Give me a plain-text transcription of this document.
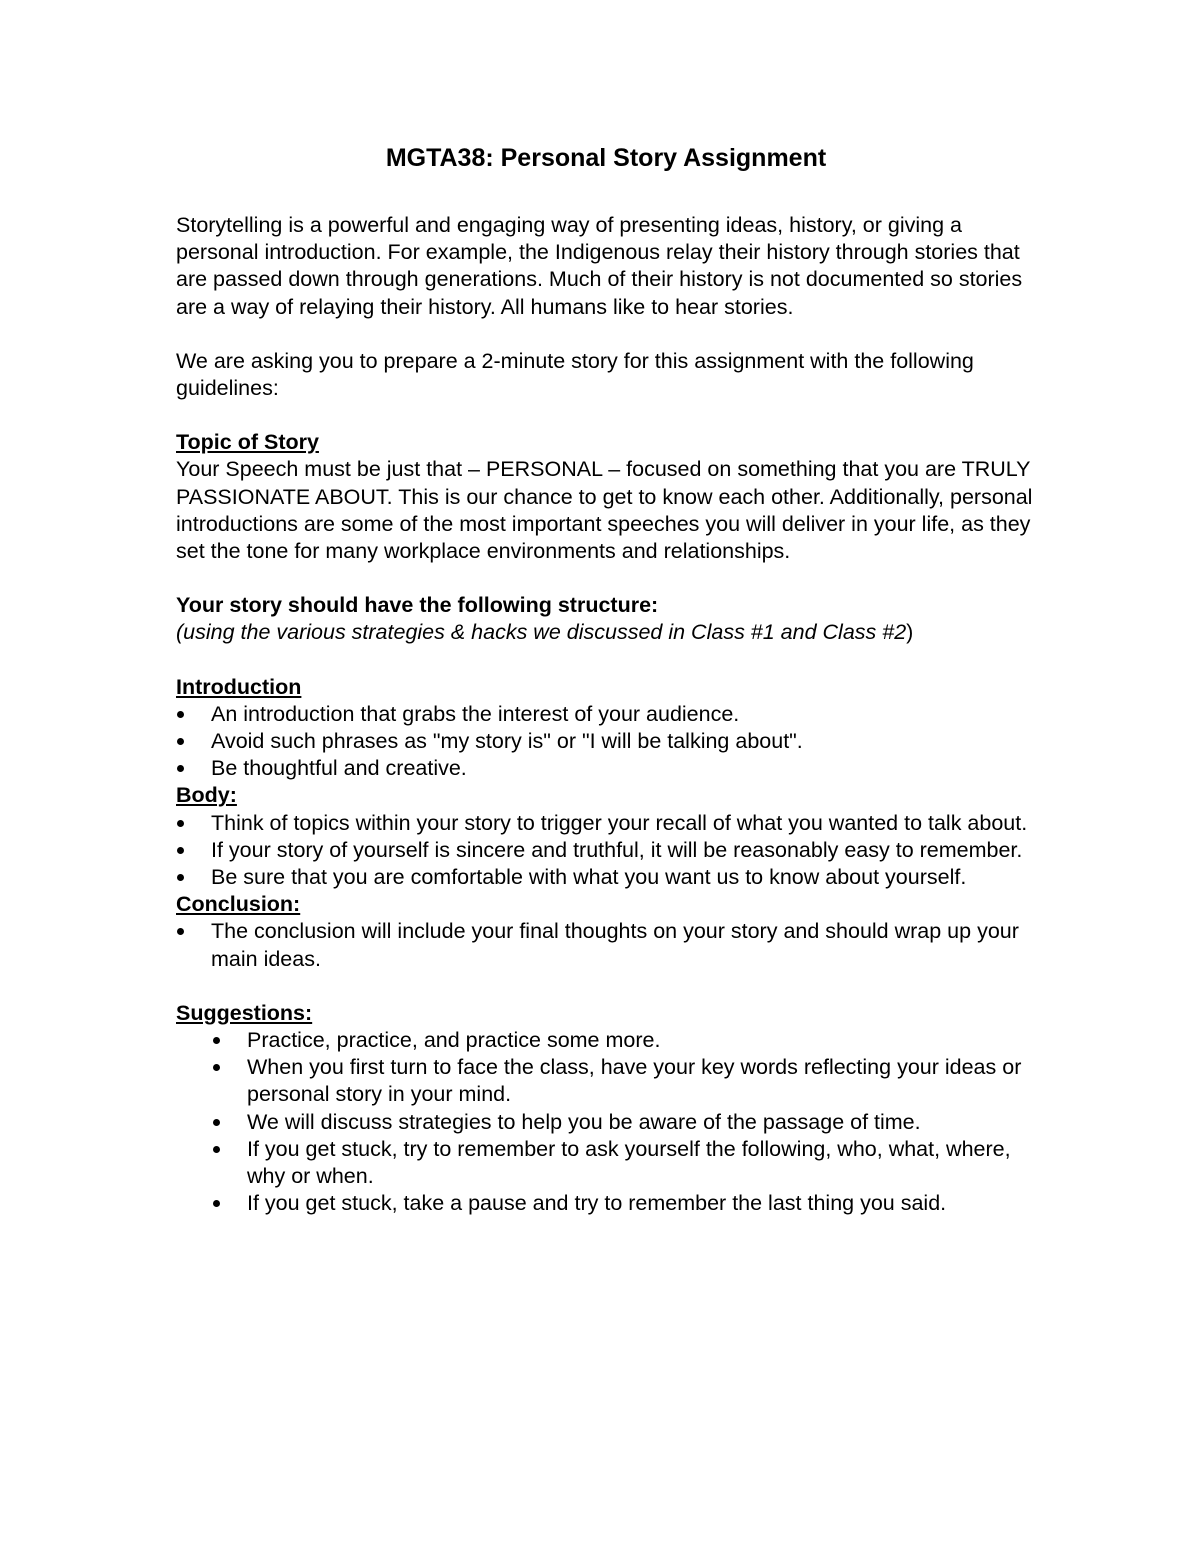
MGTA38: Personal Story Assignment

Storytelling is a powerful and engaging way of presenting ideas, history, or giving a personal introduction. For example, the Indigenous relay their history through stories that are passed down through generations. Much of their history is not documented so stories are a way of relaying their history. All humans like to hear stories.

We are asking you to prepare a 2-minute story for this assignment with the following guidelines:

Topic of Story

Your Speech must be just that – PERSONAL – focused on something that you are TRULY PASSIONATE ABOUT. This is our chance to get to know each other. Additionally, personal introductions are some of the most important speeches you will deliver in your life, as they set the tone for many workplace environments and relationships.

Your story should have the following structure:

(using the various strategies & hacks we discussed in Class #1 and Class #2)

Introduction

An introduction that grabs the interest of your audience.
Avoid such phrases as "my story is" or "I will be talking about".
Be thoughtful and creative.

Body:

Think of topics within your story to trigger your recall of what you wanted to talk about.
If your story of yourself is sincere and truthful, it will be reasonably easy to remember.
Be sure that you are comfortable with what you want us to know about yourself.

Conclusion:

The conclusion will include your final thoughts on your story and should wrap up your main ideas.

Suggestions:

Practice, practice, and practice some more.
When you first turn to face the class, have your key words reflecting your ideas or personal story in your mind.
We will discuss strategies to help you be aware of the passage of time.
If you get stuck, try to remember to ask yourself the following, who, what, where, why or when.
If you get stuck, take a pause and try to remember the last thing you said.
